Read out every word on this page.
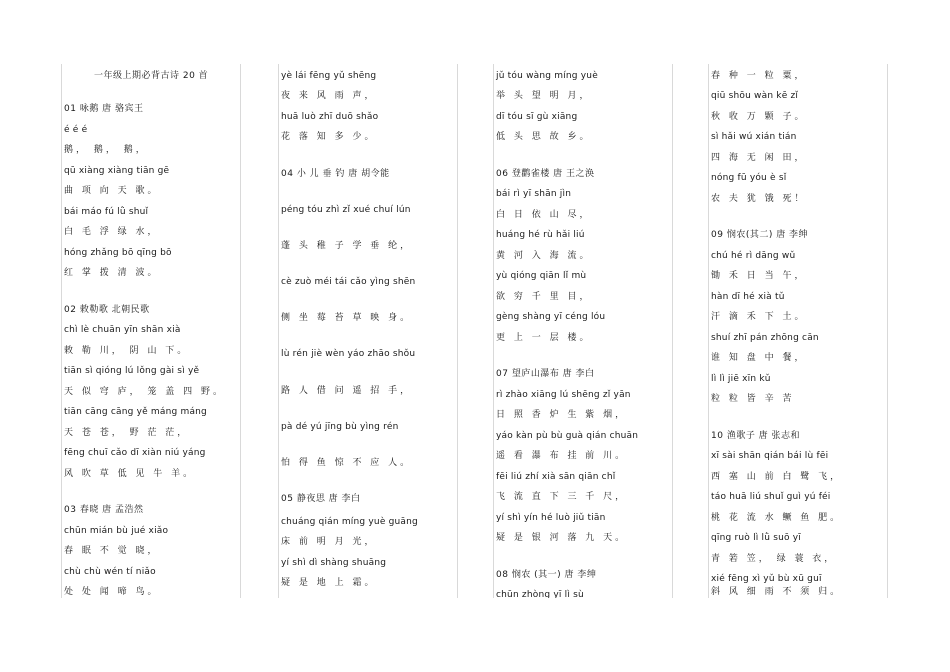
一年级上期必背古诗 20 首
01 咏鹅 唐 骆宾王
é é é
鹅， 鹅， 鹅，
qū xiàng xiàng tiān gē
曲 项 向 天 歌。
bái máo fú lǜ shuǐ
白 毛 浮 绿 水，
hóng zhǎng bō qīng bō
红 掌 拨 清 波。
02 敕勒歌 北朝民歌
chì lè chuān yīn shān xià
敕 勒 川， 阴 山 下。
tiān sì qióng lú lǒng gài sì yě
天 似 穹 庐， 笼 盖 四 野。
tiān cāng cāng yě máng máng
天 苍 苍， 野 茫 茫，
fēng chuī cǎo dī xiàn niú yáng
风 吹 草 低 见 牛 羊。
03 春晓 唐 孟浩然
chūn mián bù jué xiǎo
春 眠 不 觉 晓，
chù chù wén tí niǎo
处 处 闻 啼 鸟。
yè lái fēng yǔ shēng
夜 来 风 雨 声，
huā luò zhī duō shǎo
花 落 知 多 少。
04 小 儿 垂 钓 唐 胡令能
péng tóu zhì zǐ xué chuí lún
蓬 头 稚 子 学 垂 纶，
cè zuò méi tái cǎo yìng shēn
侧 坐 莓 苔 草 映 身。
lù rén jiè wèn yáo zhāo shǒu
路 人 借 问 遥 招 手，
pà dé yú jīng bù yìng rén
怕 得 鱼 惊 不 应 人。
05 静夜思 唐 李白
chuáng qián míng yuè guāng
床 前 明 月 光，
yí shì dì shàng shuāng
疑 是 地 上 霜。
jǔ tóu wàng míng yuè
举 头 望 明 月，
dī tóu sī gù xiāng
低 头 思 故 乡。
06 登鹳雀楼 唐 王之涣
bái rì yī shān jìn
白 日 依 山 尽，
huáng hé rù hǎi liú
黄 河 入 海 流。
yù qióng qiān lǐ mù
欲 穷 千 里 目，
gèng shàng yī céng lóu
更 上 一 层 楼。
07 望庐山瀑布 唐 李白
rì zhào xiāng lú shēng zǐ yān
日 照 香 炉 生 紫 烟，
yáo kàn pù bù guà qián chuān
遥 看 瀑 布 挂 前 川。
fēi liú zhí xià sān qiān chǐ
飞 流 直 下 三 千 尺，
yí shì yín hé luò jiǔ tiān
疑 是 银 河 落 九 天。
08 悯农 (其一) 唐 李绅
chūn zhòng yī lì sù
春 种 一 粒 粟，
qiū shōu wàn kē zǐ
秋 收 万 颗 子。
sì hǎi wú xián tián
四 海 无 闲 田，
nóng fū yóu è sǐ
农 夫 犹 饿 死！
09 悯农(其二) 唐 李绅
chú hé rì dāng wǔ
锄 禾 日 当 午，
hàn dī hé xià tǔ
汗 滴 禾 下 土。
shuí zhī pán zhōng cān
谁 知 盘 中 餐，
lì lì jiē xīn kǔ
粒 粒 皆 辛 苦
10 渔歌子 唐 张志和
xī sài shān qián bái lù fēi
西 塞 山 前 白 鹭 飞，
táo huā liú shuǐ guì yú féi
桃 花 流 水 鳜 鱼 肥。
qīng ruò lì lǜ suō yī
青 箬 笠， 绿 蓑 衣，
xié fēng xì yǔ bù xū guī
斜 风 细 雨 不 须 归。
